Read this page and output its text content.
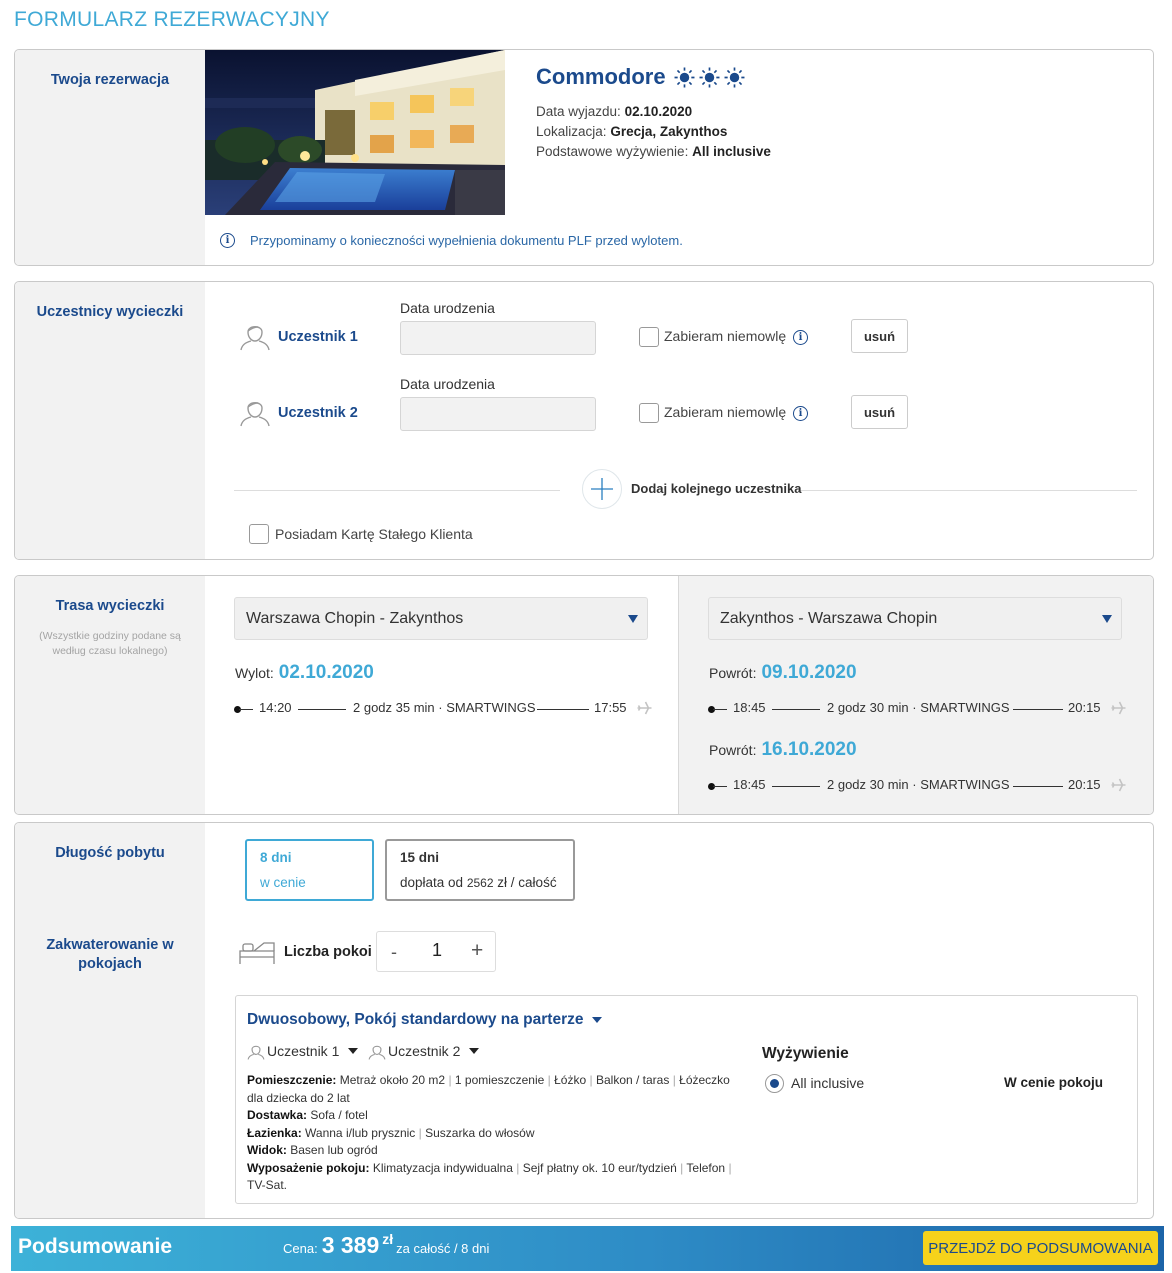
FORMULARZ REZERWACYJNY
Twoja rezerwacja	Commodore
Data wyjazdu: 02.10.2020
Lokalizacja: Grecja, Zakynthos
Podstawowe wyżywienie: All inclusive
i	Przypominamy o konieczności wypełnienia dokumentu PLF przed wylotem.
Uczestnicy wycieczki
Uczestnik 1
Data urodzenia
Zabieram niemowlę	i	usuń
Uczestnik 2
Data urodzenia
Zabieram niemowlę	i	usuń
Dodaj kolejnego uczestnika
Posiadam Kartę Stałego Klienta
Trasa wycieczki
(Wszystkie godziny podane są według czasu lokalnego)
Warszawa Chopin - Zakynthos
Wylot: 02.10.2020
14:20	2 godz 35 min · SMARTWINGS	17:55
Zakynthos - Warszawa Chopin
Powrót: 09.10.2020
18:45	2 godz 30 min · SMARTWINGS	20:15
Powrót: 16.10.2020
18:45	2 godz 30 min · SMARTWINGS	20:15
Długość pobytu
Zakwaterowanie w pokojach
8 dni
w cenie
15 dni
dopłata od 2562 zł / całość
Liczba pokoi - 1 +
Dwuosobowy, Pokój standardowy na parterze
Uczestnik 1	Uczestnik 2
Pomieszczenie: Metraż około 20 m2 | 1 pomieszczenie | Łóżko | Balkon / taras | Łóżeczko dla dziecka do 2 lat
Dostawka: Sofa / fotel
Łazienka: Wanna i/lub prysznic | Suszarka do włosów
Widok: Basen lub ogród
Wyposażenie pokoju: Klimatyzacja indywidualna | Sejf płatny ok. 10 eur/tydzień | Telefon | TV-Sat.
Wyżywienie
All inclusive	W cenie pokoju
Podsumowanie	Cena: 3 389 zł
za całość / 8 dni	PRZEJDŹ DO PODSUMOWANIA
